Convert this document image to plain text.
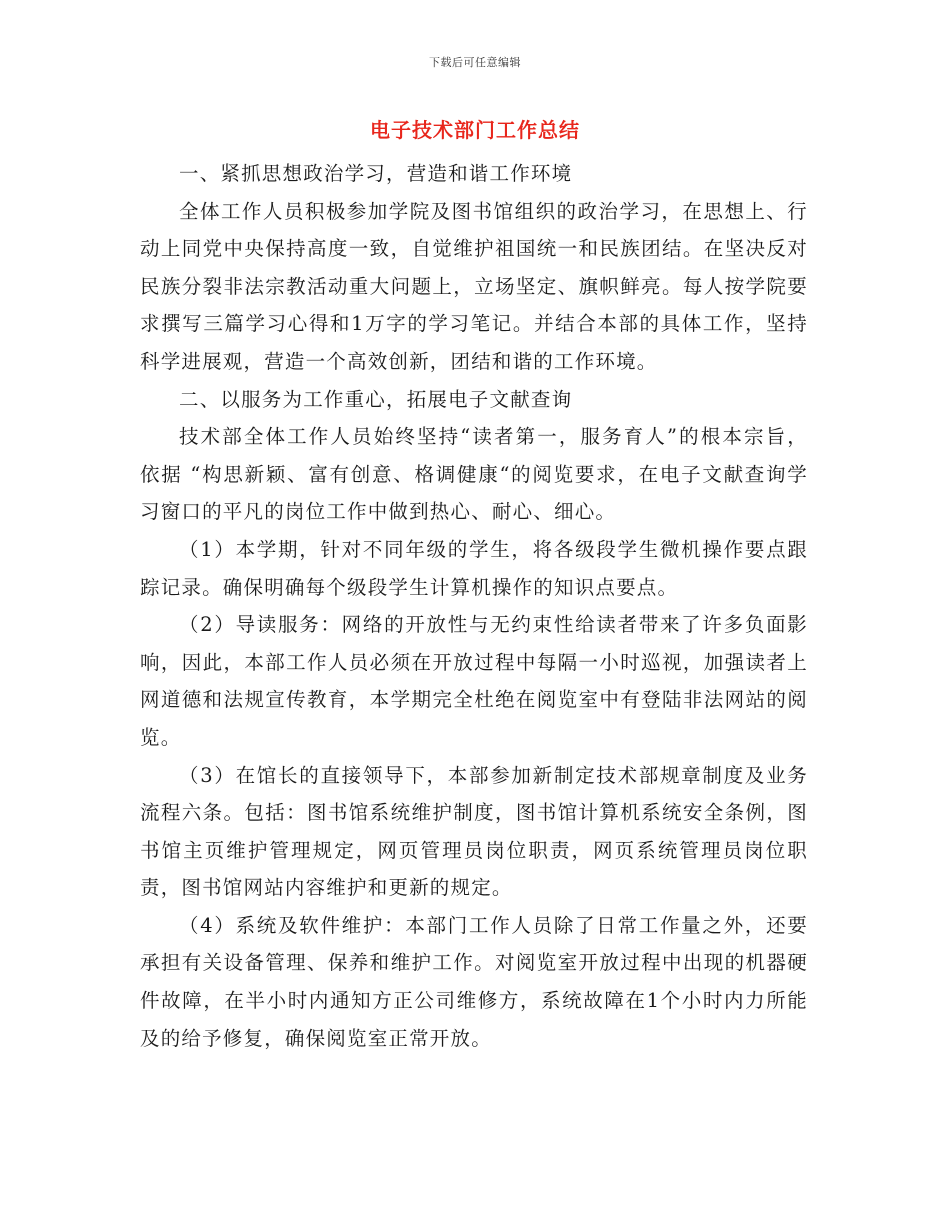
下载后可任意编辑
电子技术部门工作总结

一、紧抓思想政治学习，营造和谐工作环境

全体工作人员积极参加学院及图书馆组织的政治学习，在思想上、行动上同党中央保持高度一致，自觉维护祖国统一和民族团结。在坚决反对民族分裂非法宗教活动重大问题上，立场坚定、旗帜鲜亮。每人按学院要求撰写三篇学习心得和1万字的学习笔记。并结合本部的具体工作，坚持科学进展观，营造一个高效创新，团结和谐的工作环境。

二、以服务为工作重心，拓展电子文献查询

技术部全体工作人员始终坚持“读者第一，服务育人”的根本宗旨， 依据 “构思新颖、富有创意、格调健康“的阅览要求，在电子文献查询学习窗口的平凡的岗位工作中做到热心、耐心、细心。

（1）本学期，针对不同年级的学生，将各级段学生微机操作要点跟踪记录。确保明确每个级段学生计算机操作的知识点要点。

（2）导读服务：网络的开放性与无约束性给读者带来了许多负面影响，因此，本部工作人员必须在开放过程中每隔一小时巡视，加强读者上网道德和法规宣传教育，本学期完全杜绝在阅览室中有登陆非法网站的阅览。

（3）在馆长的直接领导下，本部参加新制定技术部规章制度及业务流程六条。包括：图书馆系统维护制度，图书馆计算机系统安全条例，图书馆主页维护管理规定，网页管理员岗位职责，网页系统管理员岗位职责，图书馆网站内容维护和更新的规定。

（4）系统及软件维护：本部门工作人员除了日常工作量之外，还要承担有关设备管理、保养和维护工作。对阅览室开放过程中出现的机器硬件故障，在半小时内通知方正公司维修方，系统故障在1个小时内力所能及的给予修复，确保阅览室正常开放。
